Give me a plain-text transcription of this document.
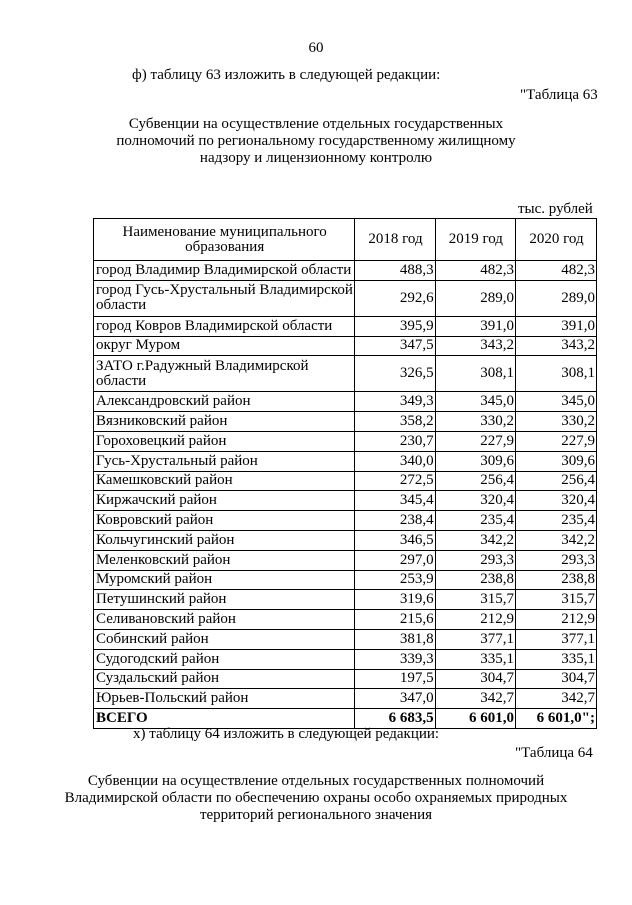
60
ф) таблицу 63 изложить в следующей редакции:
"Таблица 63
Субвенции на осуществление отдельных государственных
полномочий по региональному государственному жилищному
надзору и лицензионному контролю
тыс. рублей
Наименование муниципального образования	2018 год	2019 год	2020 год
город Владимир Владимирской области	488,3	482,3	482,3
город Гусь-Хрустальный Владимирской области	292,6	289,0	289,0
город Ковров Владимирской области	395,9	391,0	391,0
округ Муром	347,5	343,2	343,2
ЗАТО г.Радужный Владимирской области	326,5	308,1	308,1
Александровский район	349,3	345,0	345,0
Вязниковский район	358,2	330,2	330,2
Гороховецкий район	230,7	227,9	227,9
Гусь-Хрустальный район	340,0	309,6	309,6
Камешковский район	272,5	256,4	256,4
Киржачский район	345,4	320,4	320,4
Ковровский район	238,4	235,4	235,4
Кольчугинский район	346,5	342,2	342,2
Меленковский район	297,0	293,3	293,3
Муромский район	253,9	238,8	238,8
Петушинский район	319,6	315,7	315,7
Селивановский район	215,6	212,9	212,9
Собинский район	381,8	377,1	377,1
Судогодский район	339,3	335,1	335,1
Суздальский район	197,5	304,7	304,7
Юрьев-Польский район	347,0	342,7	342,7
ВСЕГО	6 683,5	6 601,0	6 601,0";
х) таблицу 64 изложить в следующей редакции:
"Таблица 64
Субвенции на осуществление отдельных государственных полномочий
Владимирской области по обеспечению охраны особо охраняемых природных
территорий регионального значения
